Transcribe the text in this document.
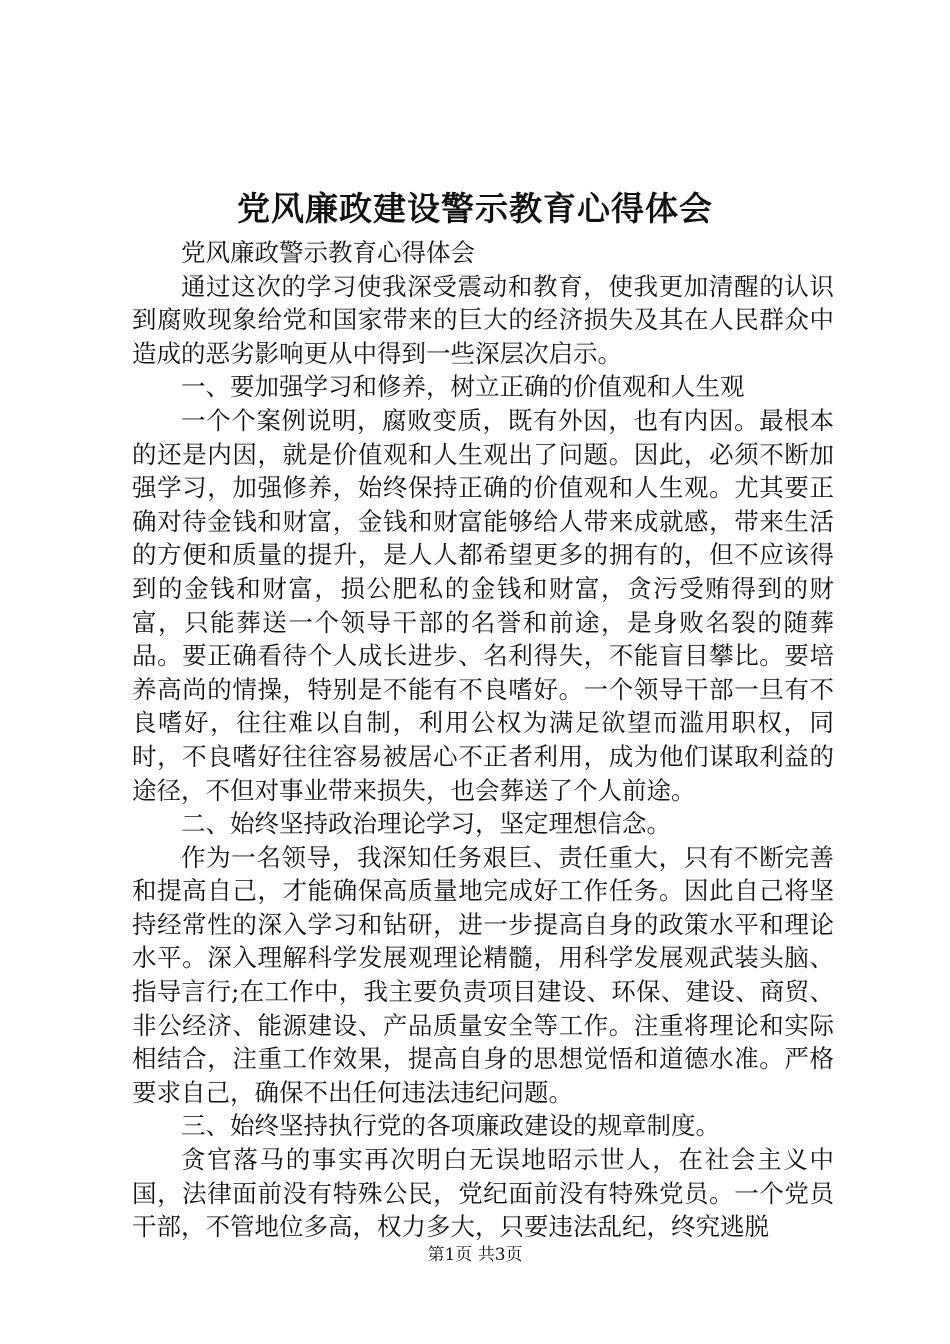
党风廉政建设警示教育心得体会

党风廉政警示教育心得体会

通过这次的学习使我深受震动和教育，使我更加清醒的认识到腐败现象给党和国家带来的巨大的经济损失及其在人民群众中造成的恶劣影响更从中得到一些深层次启示。

一、要加强学习和修养，树立正确的价值观和人生观

一个个案例说明，腐败变质，既有外因，也有内因。最根本的还是内因，就是价值观和人生观出了问题。因此，必须不断加强学习，加强修养，始终保持正确的价值观和人生观。尤其要正确对待金钱和财富，金钱和财富能够给人带来成就感，带来生活的方便和质量的提升，是人人都希望更多的拥有的，但不应该得到的金钱和财富，损公肥私的金钱和财富，贪污受贿得到的财富，只能葬送一个领导干部的名誉和前途，是身败名裂的随葬品。要正确看待个人成长进步、名利得失，不能盲目攀比。要培养高尚的情操，特别是不能有不良嗜好。一个领导干部一旦有不良嗜好，往往难以自制，利用公权为满足欲望而滥用职权，同时，不良嗜好往往容易被居心不正者利用，成为他们谋取利益的途径，不但对事业带来损失，也会葬送了个人前途。

二、始终坚持政治理论学习，坚定理想信念。

作为一名领导，我深知任务艰巨、责任重大，只有不断完善和提高自己，才能确保高质量地完成好工作任务。因此自己将坚持经常性的深入学习和钻研，进一步提高自身的政策水平和理论水平。深入理解科学发展观理论精髓，用科学发展观武装头脑、指导言行;在工作中，我主要负责项目建设、环保、建设、商贸、非公经济、能源建设、产品质量安全等工作。注重将理论和实际相结合，注重工作效果，提高自身的思想觉悟和道德水准。严格要求自己，确保不出任何违法违纪问题。

三、始终坚持执行党的各项廉政建设的规章制度。

贪官落马的事实再次明白无误地昭示世人，在社会主义中国，法律面前没有特殊公民，党纪面前没有特殊党员。一个党员干部，不管地位多高，权力多大，只要违法乱纪，终究逃脱

第1页 共3页
